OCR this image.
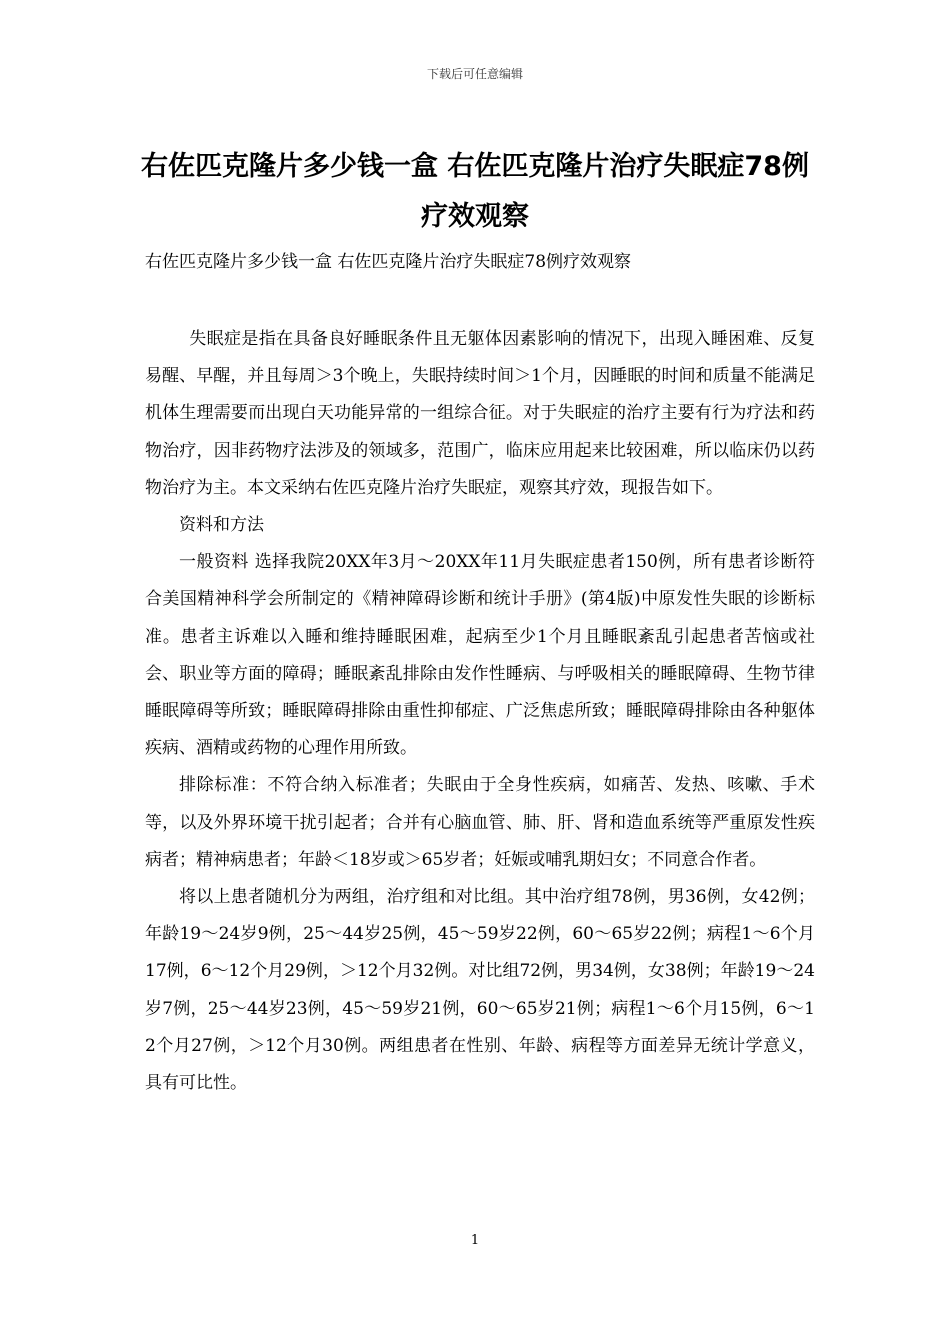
下载后可任意编辑
右佐匹克隆片多少钱一盒 右佐匹克隆片治疗失眠症78例疗效观察
右佐匹克隆片多少钱一盒 右佐匹克隆片治疗失眠症78例疗效观察

失眠症是指在具备良好睡眠条件且无躯体因素影响的情况下，出现入睡困难、反复易醒、早醒，并且每周＞3个晚上，失眠持续时间＞1个月，因睡眠的时间和质量不能满足机体生理需要而出现白天功能异常的一组综合征。对于失眠症的治疗主要有行为疗法和药物治疗，因非药物疗法涉及的领域多，范围广，临床应用起来比较困难，所以临床仍以药物治疗为主。本文采纳右佐匹克隆片治疗失眠症，观察其疗效，现报告如下。

资料和方法

一般资料 选择我院20XX年3月～20XX年11月失眠症患者150例，所有患者诊断符合美国精神科学会所制定的《精神障碍诊断和统计手册》(第4版)中原发性失眠的诊断标准。患者主诉难以入睡和维持睡眠困难，起病至少1个月且睡眠紊乱引起患者苦恼或社会、职业等方面的障碍；睡眠紊乱排除由发作性睡病、与呼吸相关的睡眠障碍、生物节律睡眠障碍等所致；睡眠障碍排除由重性抑郁症、广泛焦虑所致；睡眠障碍排除由各种躯体疾病、酒精或药物的心理作用所致。

排除标准：不符合纳入标准者；失眠由于全身性疾病，如痛苦、发热、咳嗽、手术等，以及外界环境干扰引起者；合并有心脑血管、肺、肝、肾和造血系统等严重原发性疾病者；精神病患者；年龄＜18岁或＞65岁者；妊娠或哺乳期妇女；不同意合作者。

将以上患者随机分为两组，治疗组和对比组。其中治疗组78例，男36例，女42例；年龄19～24岁9例，25～44岁25例，45～59岁22例，60～65岁22例；病程1～6个月17例，6～12个月29例，＞12个月32例。对比组72例，男34例，女38例；年龄19～24岁7例，25～44岁23例，45～59岁21例，60～65岁21例；病程1～6个月15例，6～12个月27例，＞12个月30例。两组患者在性别、年龄、病程等方面差异无统计学意义，具有可比性。

1
